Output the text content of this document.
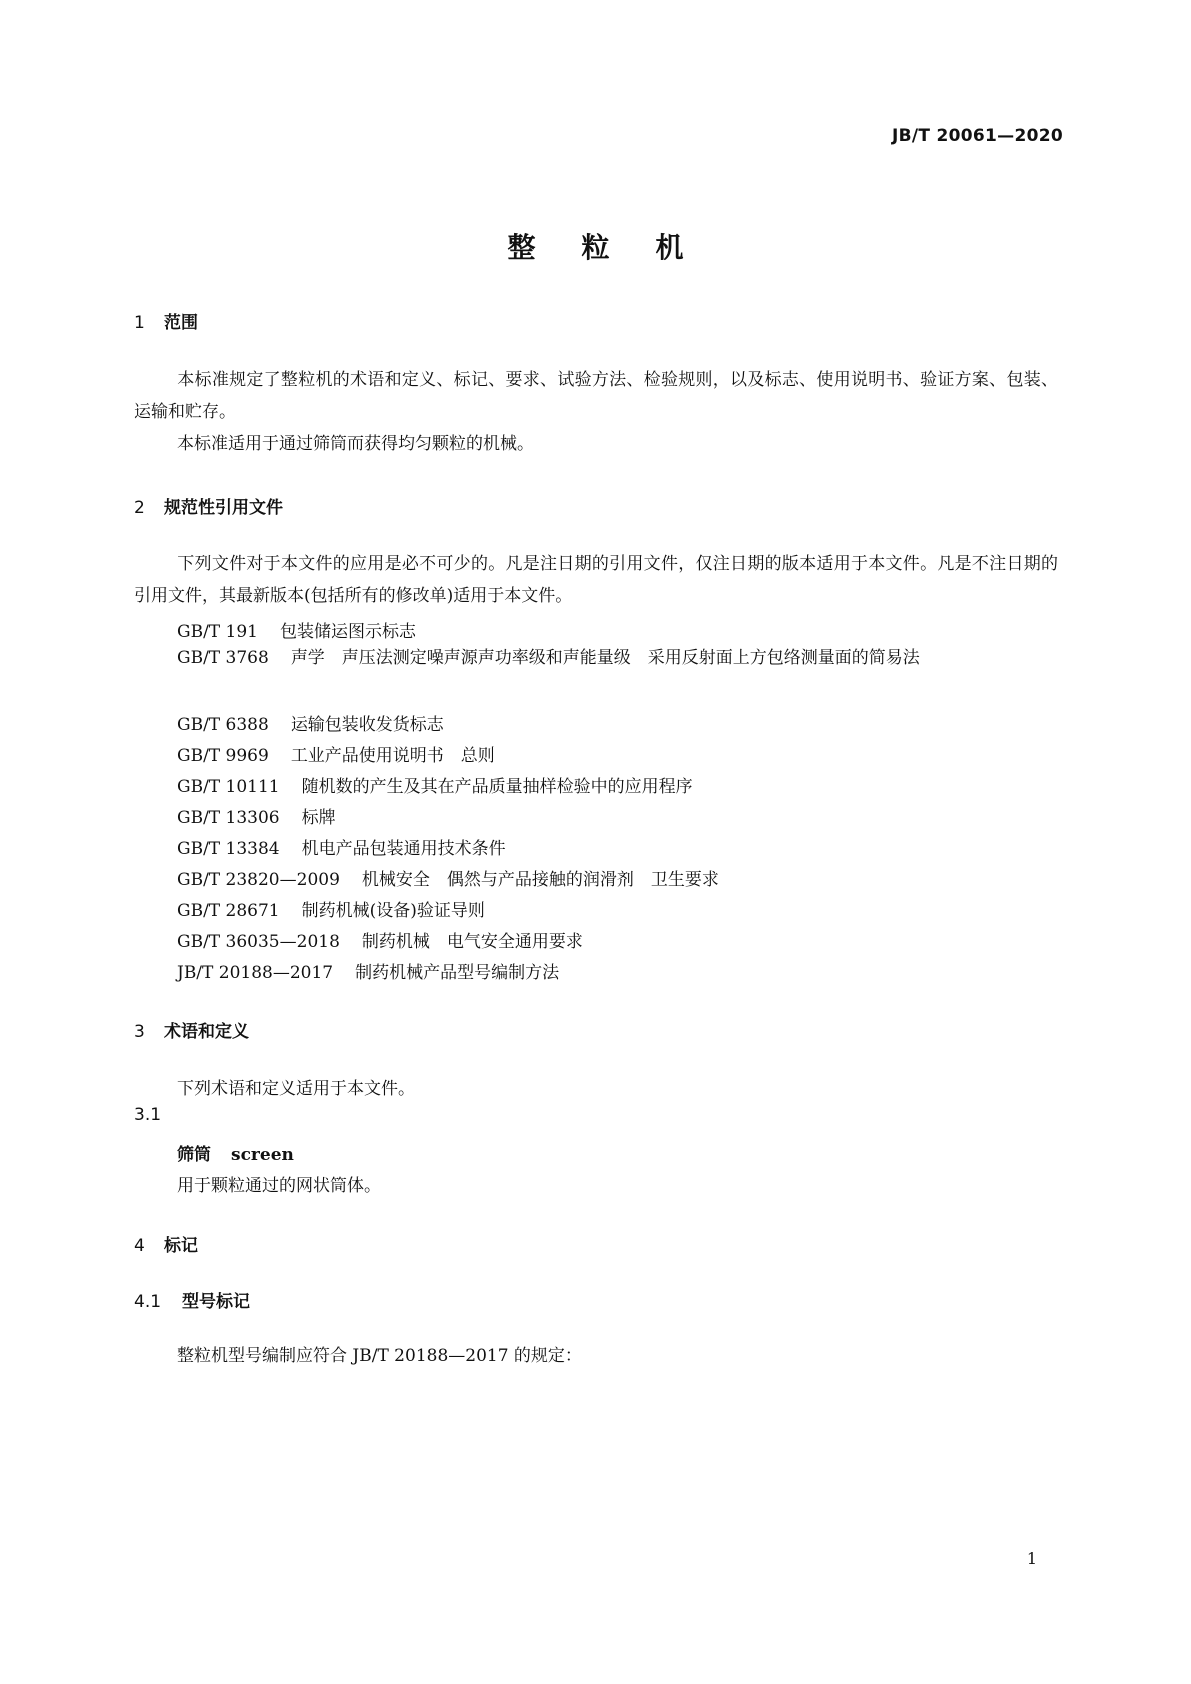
JB/T 20061—2020
整粒机
1 范围
本标准规定了整粒机的术语和定义、标记、要求、试验方法、检验规则，以及标志、使用说明书、验证方案、包装、运输和贮存。
本标准适用于通过筛筒而获得均匀颗粒的机械。
2 规范性引用文件
下列文件对于本文件的应用是必不可少的。凡是注日期的引用文件，仅注日期的版本适用于本文件。凡是不注日期的引用文件，其最新版本(包括所有的修改单)适用于本文件。
GB/T 191 包装储运图示标志
GB/T 3768 声学　声压法测定噪声源声功率级和声能量级　采用反射面上方包络测量面的简易法
GB/T 6388 运输包装收发货标志
GB/T 9969 工业产品使用说明书　总则
GB/T 10111 随机数的产生及其在产品质量抽样检验中的应用程序
GB/T 13306 标牌
GB/T 13384 机电产品包装通用技术条件
GB/T 23820—2009 机械安全　偶然与产品接触的润滑剂　卫生要求
GB/T 28671 制药机械(设备)验证导则
GB/T 36035—2018 制药机械　电气安全通用要求
JB/T 20188—2017 制药机械产品型号编制方法
3 术语和定义
下列术语和定义适用于本文件。
3.1
筛筒 screen
用于颗粒通过的网状筒体。
4 标记
4.1 型号标记
整粒机型号编制应符合 JB/T 20188—2017 的规定：
1
